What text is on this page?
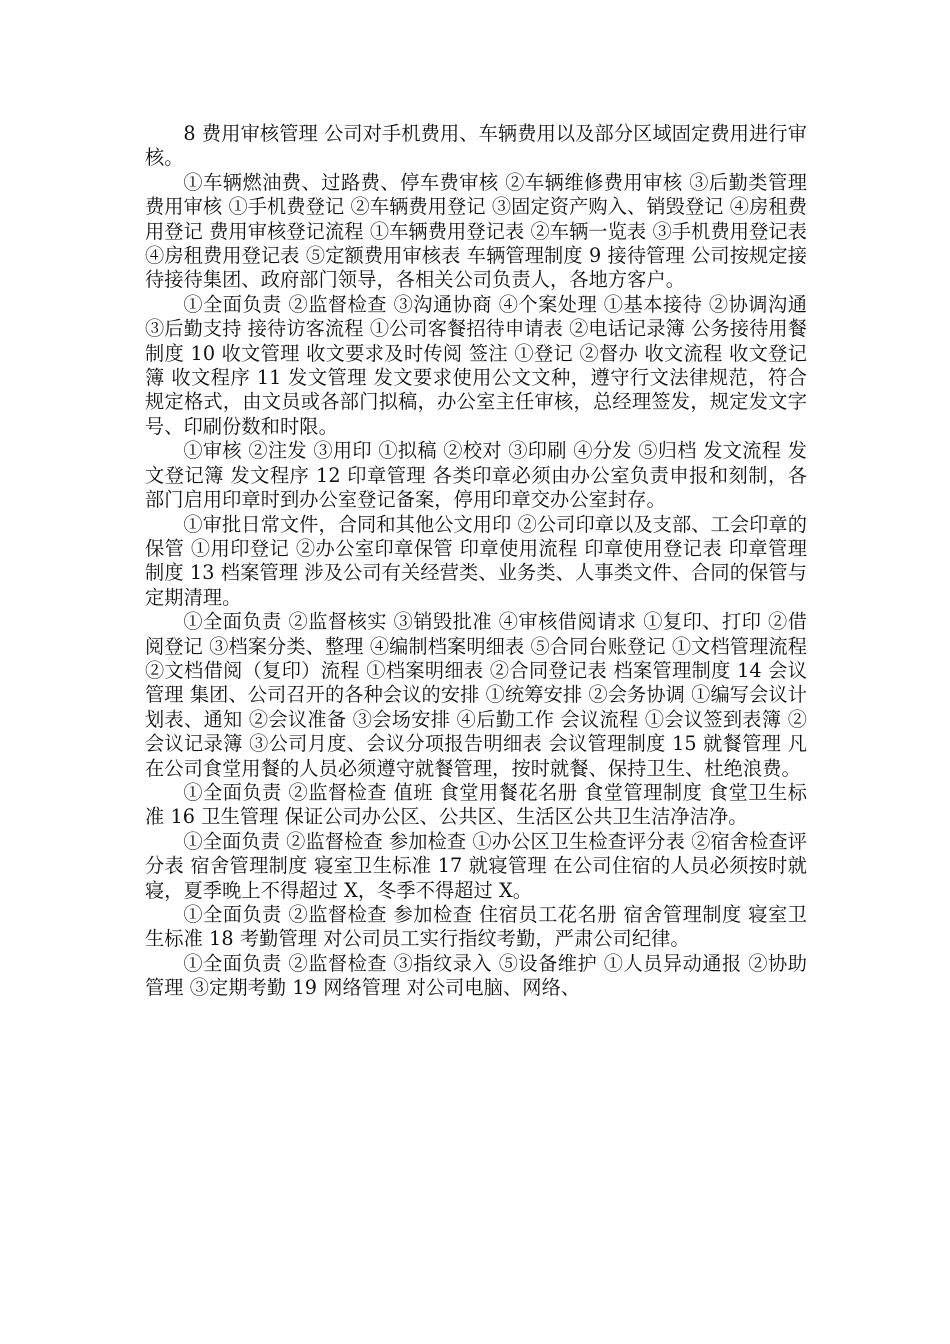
8 费用审核管理 公司对手机费用、车辆费用以及部分区域固定费用进行审核。

①车辆燃油费、过路费、停车费审核 ②车辆维修费用审核 ③后勤类管理费用审核 ①手机费登记 ②车辆费用登记 ③固定资产购入、销毁登记 ④房租费用登记 费用审核登记流程 ①车辆费用登记表 ②车辆一览表 ③手机费用登记表 ④房租费用登记表 ⑤定额费用审核表 车辆管理制度 9 接待管理 公司按规定接待接待集团、政府部门领导，各相关公司负责人，各地方客户。

①全面负责 ②监督检查 ③沟通协商 ④个案处理 ①基本接待 ②协调沟通 ③后勤支持 接待访客流程 ①公司客餐招待申请表 ②电话记录簿 公务接待用餐制度 10 收文管理 收文要求及时传阅 签注 ①登记 ②督办 收文流程 收文登记簿 收文程序 11 发文管理 发文要求使用公文文种，遵守行文法律规范，符合规定格式，由文员或各部门拟稿，办公室主任审核，总经理签发，规定发文字号、印刷份数和时限。

①审核 ②注发 ③用印 ①拟稿 ②校对 ③印刷 ④分发 ⑤归档 发文流程 发文登记簿 发文程序 12 印章管理 各类印章必须由办公室负责申报和刻制，各部门启用印章时到办公室登记备案，停用印章交办公室封存。

①审批日常文件，合同和其他公文用印 ②公司印章以及支部、工会印章的保管 ①用印登记 ②办公室印章保管 印章使用流程 印章使用登记表 印章管理制度 13 档案管理 涉及公司有关经营类、业务类、人事类文件、合同的保管与定期清理。

①全面负责 ②监督核实 ③销毁批准 ④审核借阅请求 ①复印、打印 ②借阅登记 ③档案分类、整理 ④编制档案明细表 ⑤合同台账登记 ①文档管理流程 ②文档借阅（复印）流程 ①档案明细表 ②合同登记表 档案管理制度 14 会议管理 集团、公司召开的各种会议的安排 ①统筹安排 ②会务协调 ①编写会议计划表、通知 ②会议准备 ③会场安排 ④后勤工作 会议流程 ①会议签到表簿 ②会议记录簿 ③公司月度、会议分项报告明细表 会议管理制度 15 就餐管理 凡在公司食堂用餐的人员必须遵守就餐管理，按时就餐、保持卫生、杜绝浪费。

①全面负责 ②监督检查 值班 食堂用餐花名册 食堂管理制度 食堂卫生标准 16 卫生管理 保证公司办公区、公共区、生活区公共卫生洁净洁净。

①全面负责 ②监督检查 参加检查 ①办公区卫生检查评分表 ②宿舍检查评分表 宿舍管理制度 寝室卫生标准 17 就寝管理 在公司住宿的人员必须按时就寝，夏季晚上不得超过 X，冬季不得超过 X。

①全面负责 ②监督检查 参加检查 住宿员工花名册 宿舍管理制度 寝室卫生标准 18 考勤管理 对公司员工实行指纹考勤，严肃公司纪律。

①全面负责 ②监督检查 ③指纹录入 ⑤设备维护 ①人员异动通报 ②协助管理 ③定期考勤 19 网络管理 对公司电脑、网络、
